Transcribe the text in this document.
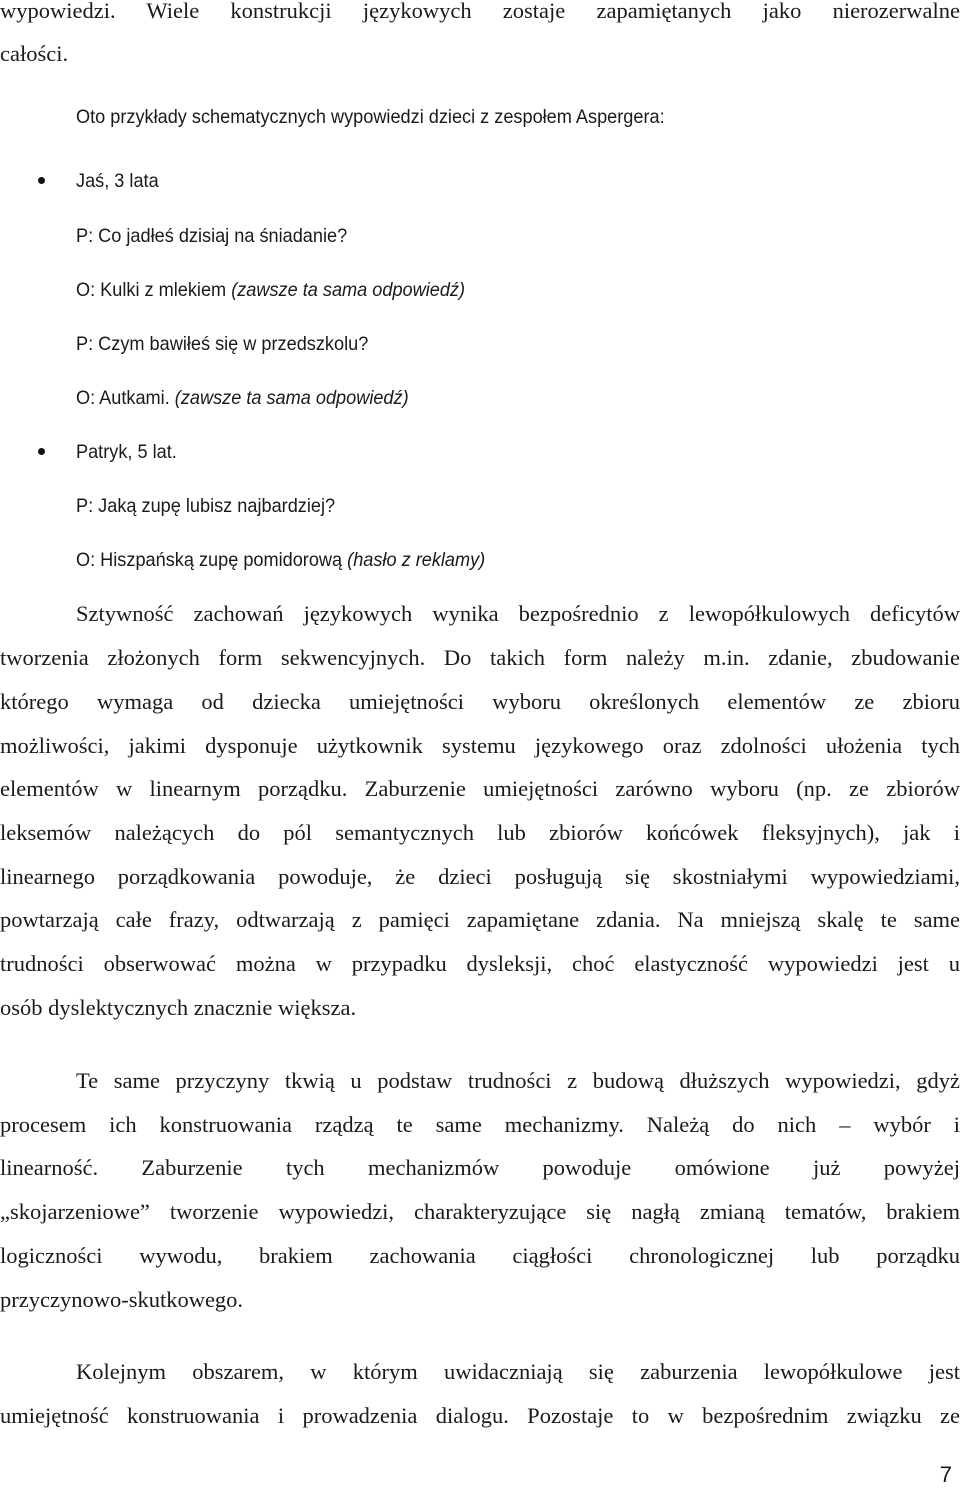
wypowiedzi. Wiele konstrukcji językowych zostaje zapamiętanych jako nierozerwalne
całości.
Oto przykłady schematycznych wypowiedzi dzieci z zespołem Aspergera:
Jaś, 3 lata
P: Co jadłeś dzisiaj na śniadanie?
O: Kulki z mlekiem (zawsze ta sama odpowiedź)
P: Czym bawiłeś się w przedszkolu?
O: Autkami. (zawsze ta sama odpowiedź)
Patryk, 5 lat.
P: Jaką zupę lubisz najbardziej?
O: Hiszpańską zupę pomidorową (hasło z reklamy)
Sztywność zachowań językowych wynika bezpośrednio z lewopółkulowych deficytów
tworzenia złożonych form sekwencyjnych. Do takich form należy m.in. zdanie, zbudowanie
którego wymaga od dziecka umiejętności wyboru określonych elementów ze zbioru
możliwości, jakimi dysponuje użytkownik systemu językowego oraz zdolności ułożenia tych
elementów w linearnym porządku. Zaburzenie umiejętności zarówno wyboru (np. ze zbiorów
leksemów należących do pól semantycznych lub zbiorów końcówek fleksyjnych), jak i
linearnego porządkowania powoduje, że dzieci posługują się skostniałymi wypowiedziami,
powtarzają całe frazy, odtwarzają z pamięci zapamiętane zdania. Na mniejszą skalę te same
trudności obserwować można w przypadku dysleksji, choć elastyczność wypowiedzi jest u
osób dyslektycznych znacznie większa.
Te same przyczyny tkwią u podstaw trudności z budową dłuższych wypowiedzi, gdyż
procesem ich konstruowania rządzą te same mechanizmy. Należą do nich – wybór i
linearność. Zaburzenie tych mechanizmów powoduje omówione już powyżej
„skojarzeniowe” tworzenie wypowiedzi, charakteryzujące się nagłą zmianą tematów, brakiem
logiczności wywodu, brakiem zachowania ciągłości chronologicznej lub porządku
przyczynowo-skutkowego.
Kolejnym obszarem, w którym uwidaczniają się zaburzenia lewopółkulowe jest
umiejętność konstruowania i prowadzenia dialogu. Pozostaje to w bezpośrednim związku ze
7
